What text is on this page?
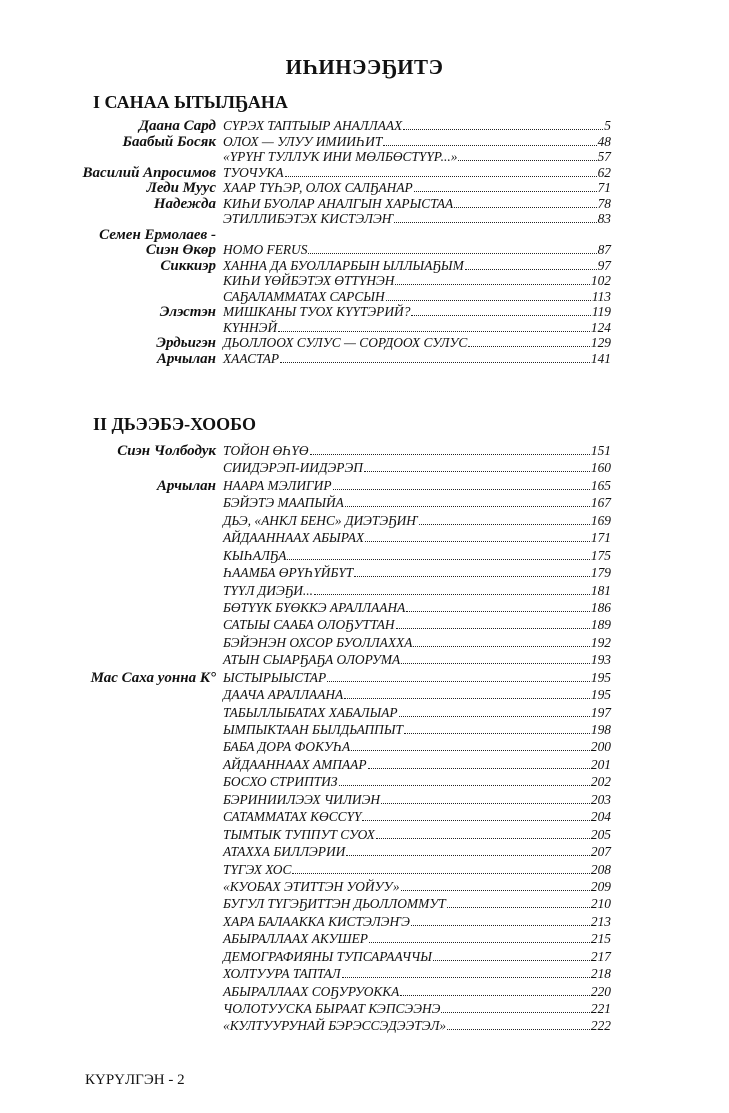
ИҺИНЭЭҔИТЭ
I САНАА ЫТЫЛҔАНА
Даана Сард СҮРЭХ ТАПТЫЫР АНАЛЛААХ	5
Баабый Босяк ОЛОХ — УЛУУ ИМИИҺИТ	48
«ҮРҮҤ ТУЛЛУК ИНИ МӨЛБӨСТҮҮР...»	57
Василий Апросимов ТУОЧУКА	62
Леди Муус ХААР ТҮҺЭР, ОЛОХ САЛҔАНАР	71
Надежда КИҺИ БУОЛАР АНАЛГЫН ХАРЫСТАА	78
ЭТИЛЛИБЭТЭХ КИСТЭЛЭҤ	83
Семен Ермолаев -
Сиэн Өкөр HOMO FERUS	87
Сиккиэр ХАННА ДА БУОЛЛАРБЫН ЫЛЛЫАҔЫМ	97
КИҺИ ҮӨЙБЭТЭХ ӨТТҮНЭН	102
САҔАЛАММАТАХ САРСЫН	113
Элэстэн МИШКАНЫ ТУОХ КҮҮТЭРИЙ?	119
КҮННЭЙ	124
Эрдьигэн ДЬОЛЛООХ СУЛУС — СОРДООХ СУЛУС	129
Арчылан ХААСТАР	141
II ДЬЭЭБЭ-ХООБО
Сиэн Чолбодук ТОЙОН ӨҺҮӨ	151
СИИДЭРЭП-ИИДЭРЭП	160
Арчылан НААРА МЭЛИГИР	165
БЭЙЭТЭ МААПЫЙА	167
ДЬЭ, «АНКЛ БЕНС» ДИЭТЭҔИҤ	169
АЙДААННААХ АБЫРАХ	171
КЫҺАЛҔА	175
ҺААМБА ӨРҮҺҮЙБҮТ	179
ТҮҮЛ ДИЭҔИ...	181
БӨТҮҮК БҮӨККЭ АРАЛЛААНА	186
САТЫЫ СААБА ОЛОҔУТТАН	189
БЭЙЭНЭН ОХСОР БУОЛЛАХХА	192
АТЫН СЫАРҔАҔА ОЛОРУМА	193
Мас Саха уонна К° ЫСТЫРЫЫСТАР	195
ДААЧА АРАЛЛААНА	195
ТАБЫЛЛЫБАТАХ ХАБАЛЫАР	197
ЫМПЫКТААН БЫЛДЬАППЫТ	198
БАБА ДОРА ФОКУҺА	200
АЙДААННААХ АМПААР	201
БОСХО СТРИПТИЗ	202
БЭРИНИИЛЭЭХ ЧИЛИЭН	203
САТАММАТАХ КӨССҮҮ	204
ТЫМТЫК ТУППУТ СУОХ	205
АТАХХА БИЛЛЭРИИ	207
ТҮГЭХ ХОС	208
«КУОБАХ ЭТИТТЭН УОЙУУ»	209
БУГУЛ ТҮГЭҔИТТЭН ДЬОЛЛОММУТ	210
ХАРА БАЛААККА КИСТЭЛЭҤЭ	213
АБЫРАЛЛААХ АКУШЕР	215
ДЕМОГРАФИЯНЫ ТУПСАРААЧЧЫ	217
ХОЛТУУРА ТАПТАЛ	218
АБЫРАЛЛААХ СОҔУРУОККА	220
ЧОЛОТУУСКА БЫРААТ КЭПСЭЭНЭ	221
«КУЛТУУРУНАЙ БЭРЭССЭДЭЭТЭЛ»	222
КҮРҮЛГЭН - 2
